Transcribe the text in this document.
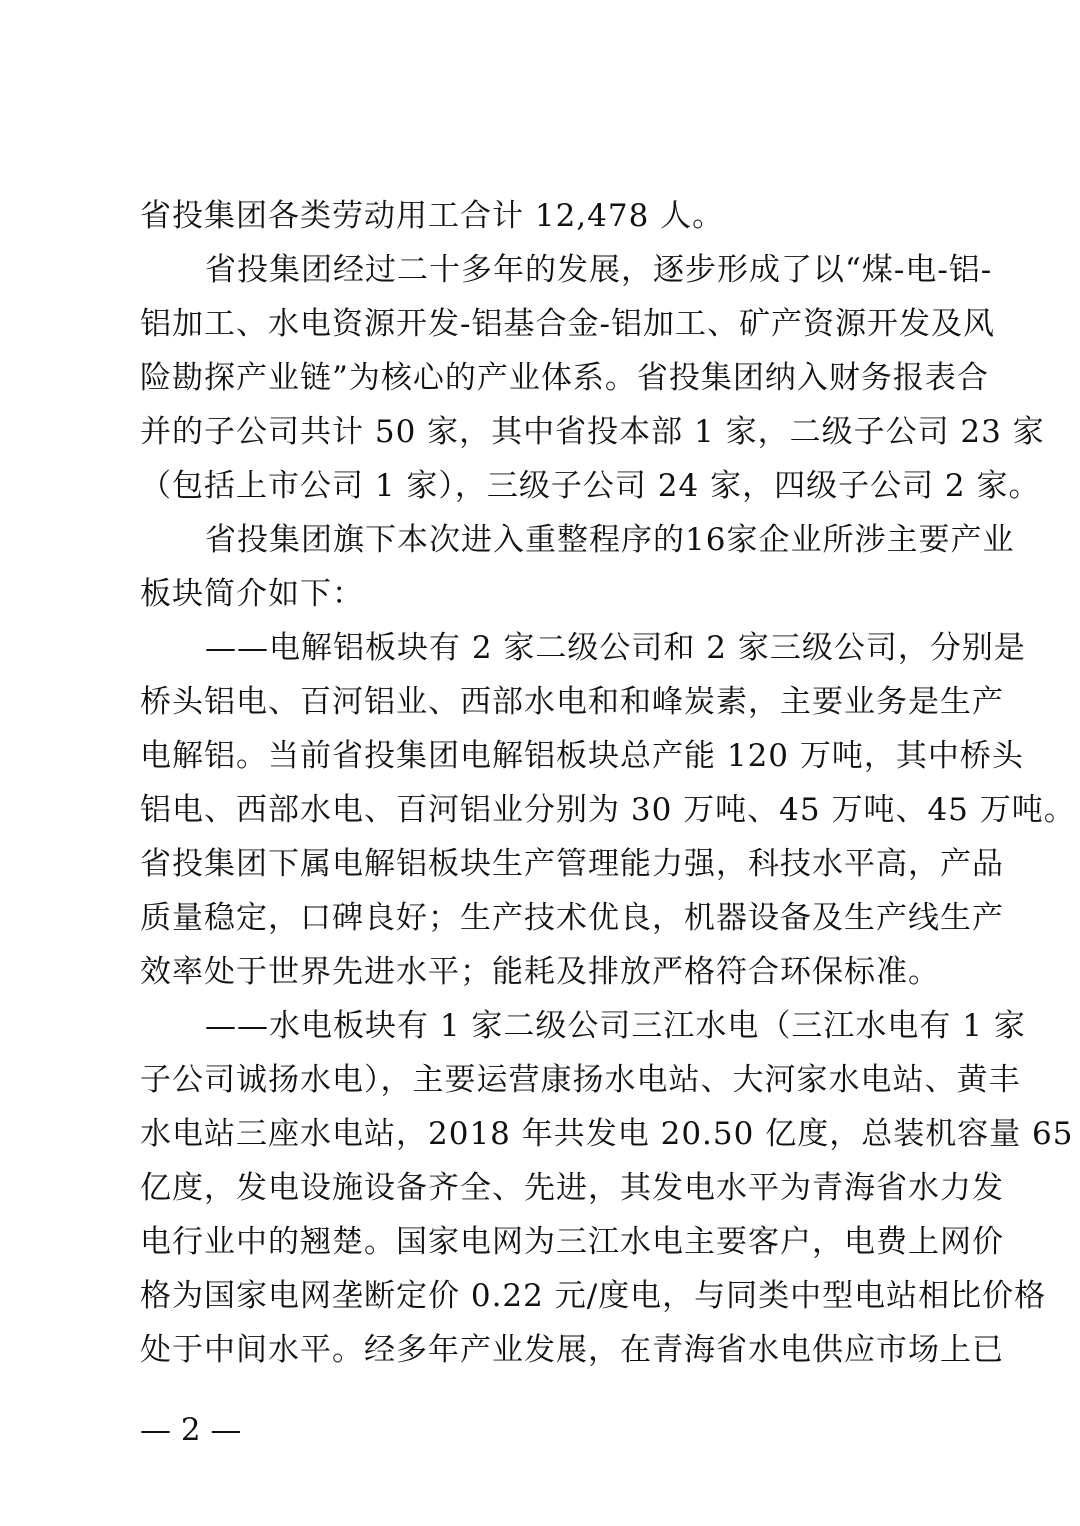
省投集团各类劳动用工合计 12,478 人。
省投集团经过二十多年的发展，逐步形成了以“煤-电-铝-
铝加工、水电资源开发-铝基合金-铝加工、矿产资源开发及风
险勘探产业链”为核心的产业体系。省投集团纳入财务报表合
并的子公司共计 50 家，其中省投本部 1 家，二级子公司 23 家
（包括上市公司 1 家），三级子公司 24 家，四级子公司 2 家。
省投集团旗下本次进入重整程序的16家企业所涉主要产业
板块简介如下：
——电解铝板块有 2 家二级公司和 2 家三级公司，分别是
桥头铝电、百河铝业、西部水电和和峰炭素，主要业务是生产
电解铝。当前省投集团电解铝板块总产能 120 万吨，其中桥头
铝电、西部水电、百河铝业分别为 30 万吨、45 万吨、45 万吨。
省投集团下属电解铝板块生产管理能力强，科技水平高，产品
质量稳定，口碑良好；生产技术优良，机器设备及生产线生产
效率处于世界先进水平；能耗及排放严格符合环保标准。
——水电板块有 1 家二级公司三江水电（三江水电有 1 家
子公司诚扬水电），主要运营康扬水电站、大河家水电站、黄丰
水电站三座水电站，2018 年共发电 20.50 亿度，总装机容量 65
亿度，发电设施设备齐全、先进，其发电水平为青海省水力发
电行业中的翘楚。国家电网为三江水电主要客户，电费上网价
格为国家电网垄断定价 0.22 元/度电，与同类中型电站相比价格
处于中间水平。经多年产业发展，在青海省水电供应市场上已
— 2 —
